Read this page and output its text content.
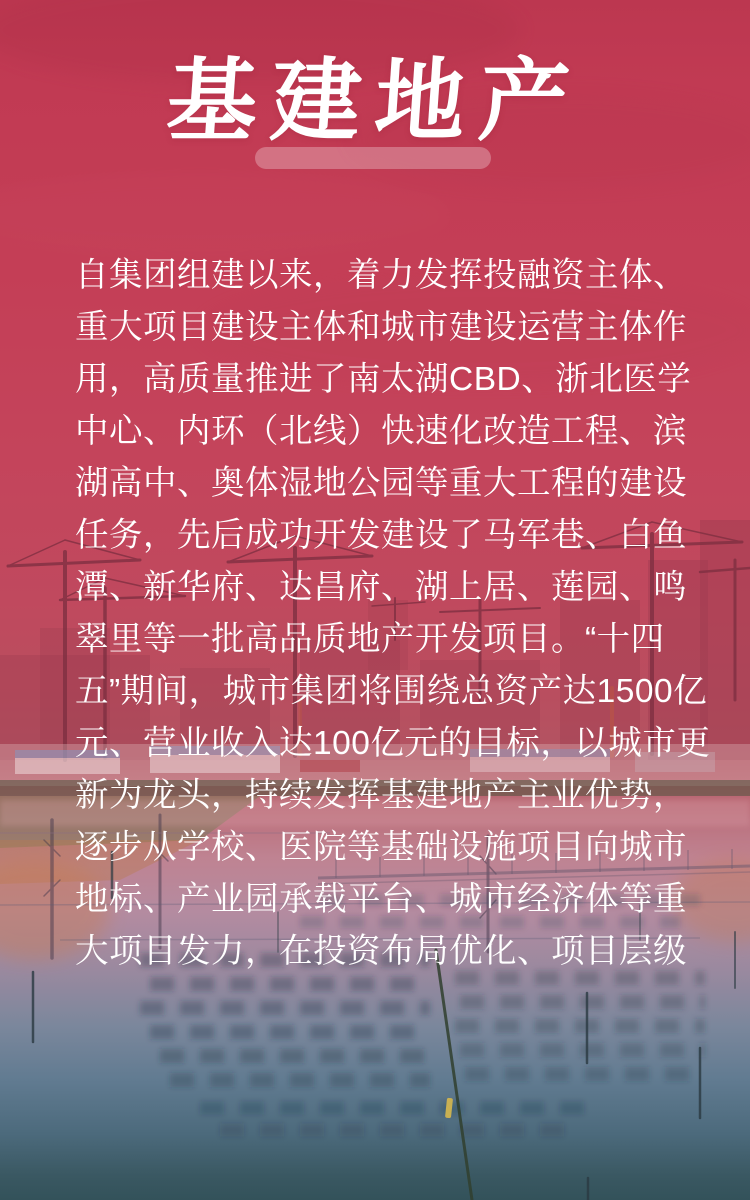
基建地产
自集团组建以来，着力发挥投融资主体、
重大项目建设主体和城市建设运营主体作
用，高质量推进了南太湖CBD、浙北医学
中心、内环（北线）快速化改造工程、滨
湖高中、奥体湿地公园等重大工程的建设
任务，先后成功开发建设了马军巷、白鱼
潭、新华府、达昌府、湖上居、莲园、鸣
翠里等一批高品质地产开发项目。“十四
五”期间，城市集团将围绕总资产达1500亿
元、营业收入达100亿元的目标，以城市更
新为龙头，持续发挥基建地产主业优势，
逐步从学校、医院等基础设施项目向城市
地标、产业园承载平台、城市经济体等重
大项目发力，在投资布局优化、项目层级
